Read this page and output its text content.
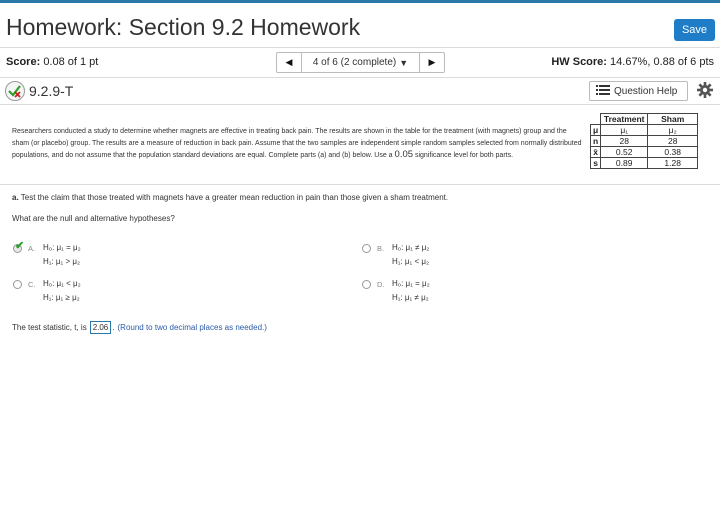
Homework: Section 9.2 Homework	Save
Score: 0.08 of 1 pt	◀ 4 of 6 (2 complete) ▼ ▶	HW Score: 14.67%, 0.88 of 6 pts
9.2.9-T	Question Help
Researchers conducted a study to determine whether magnets are effective in treating back pain. The results are shown in the table for the treatment (with magnets) group and the sham (or placebo) group. The results are a measure of reduction in back pain. Assume that the two samples are independent simple random samples selected from normally distributed populations, and do not assume that the population standard deviations are equal. Complete parts (a) and (b) below. Use a 0.05 significance level for both parts.
	Treatment	Sham
μ	μ₁	μ₂
n	28	28
x̄	0.52	0.38
s	0.89	1.28
a. Test the claim that those treated with magnets have a greater mean reduction in pain than those given a sham treatment.
What are the null and alternative hypotheses?
A. H₀: μ₁ = μ₂
H₁: μ₁ > μ₂
✔	B. H₀: μ₁ ≠ μ₂
H₁: μ₁ < μ₂
C. H₀: μ₁ < μ₂
H₁: μ₁ ≥ μ₂
D. H₀: μ₁ = μ₂
H₁: μ₁ ≠ μ₂
The test statistic, t, is 2.06 . (Round to two decimal places as needed.)
